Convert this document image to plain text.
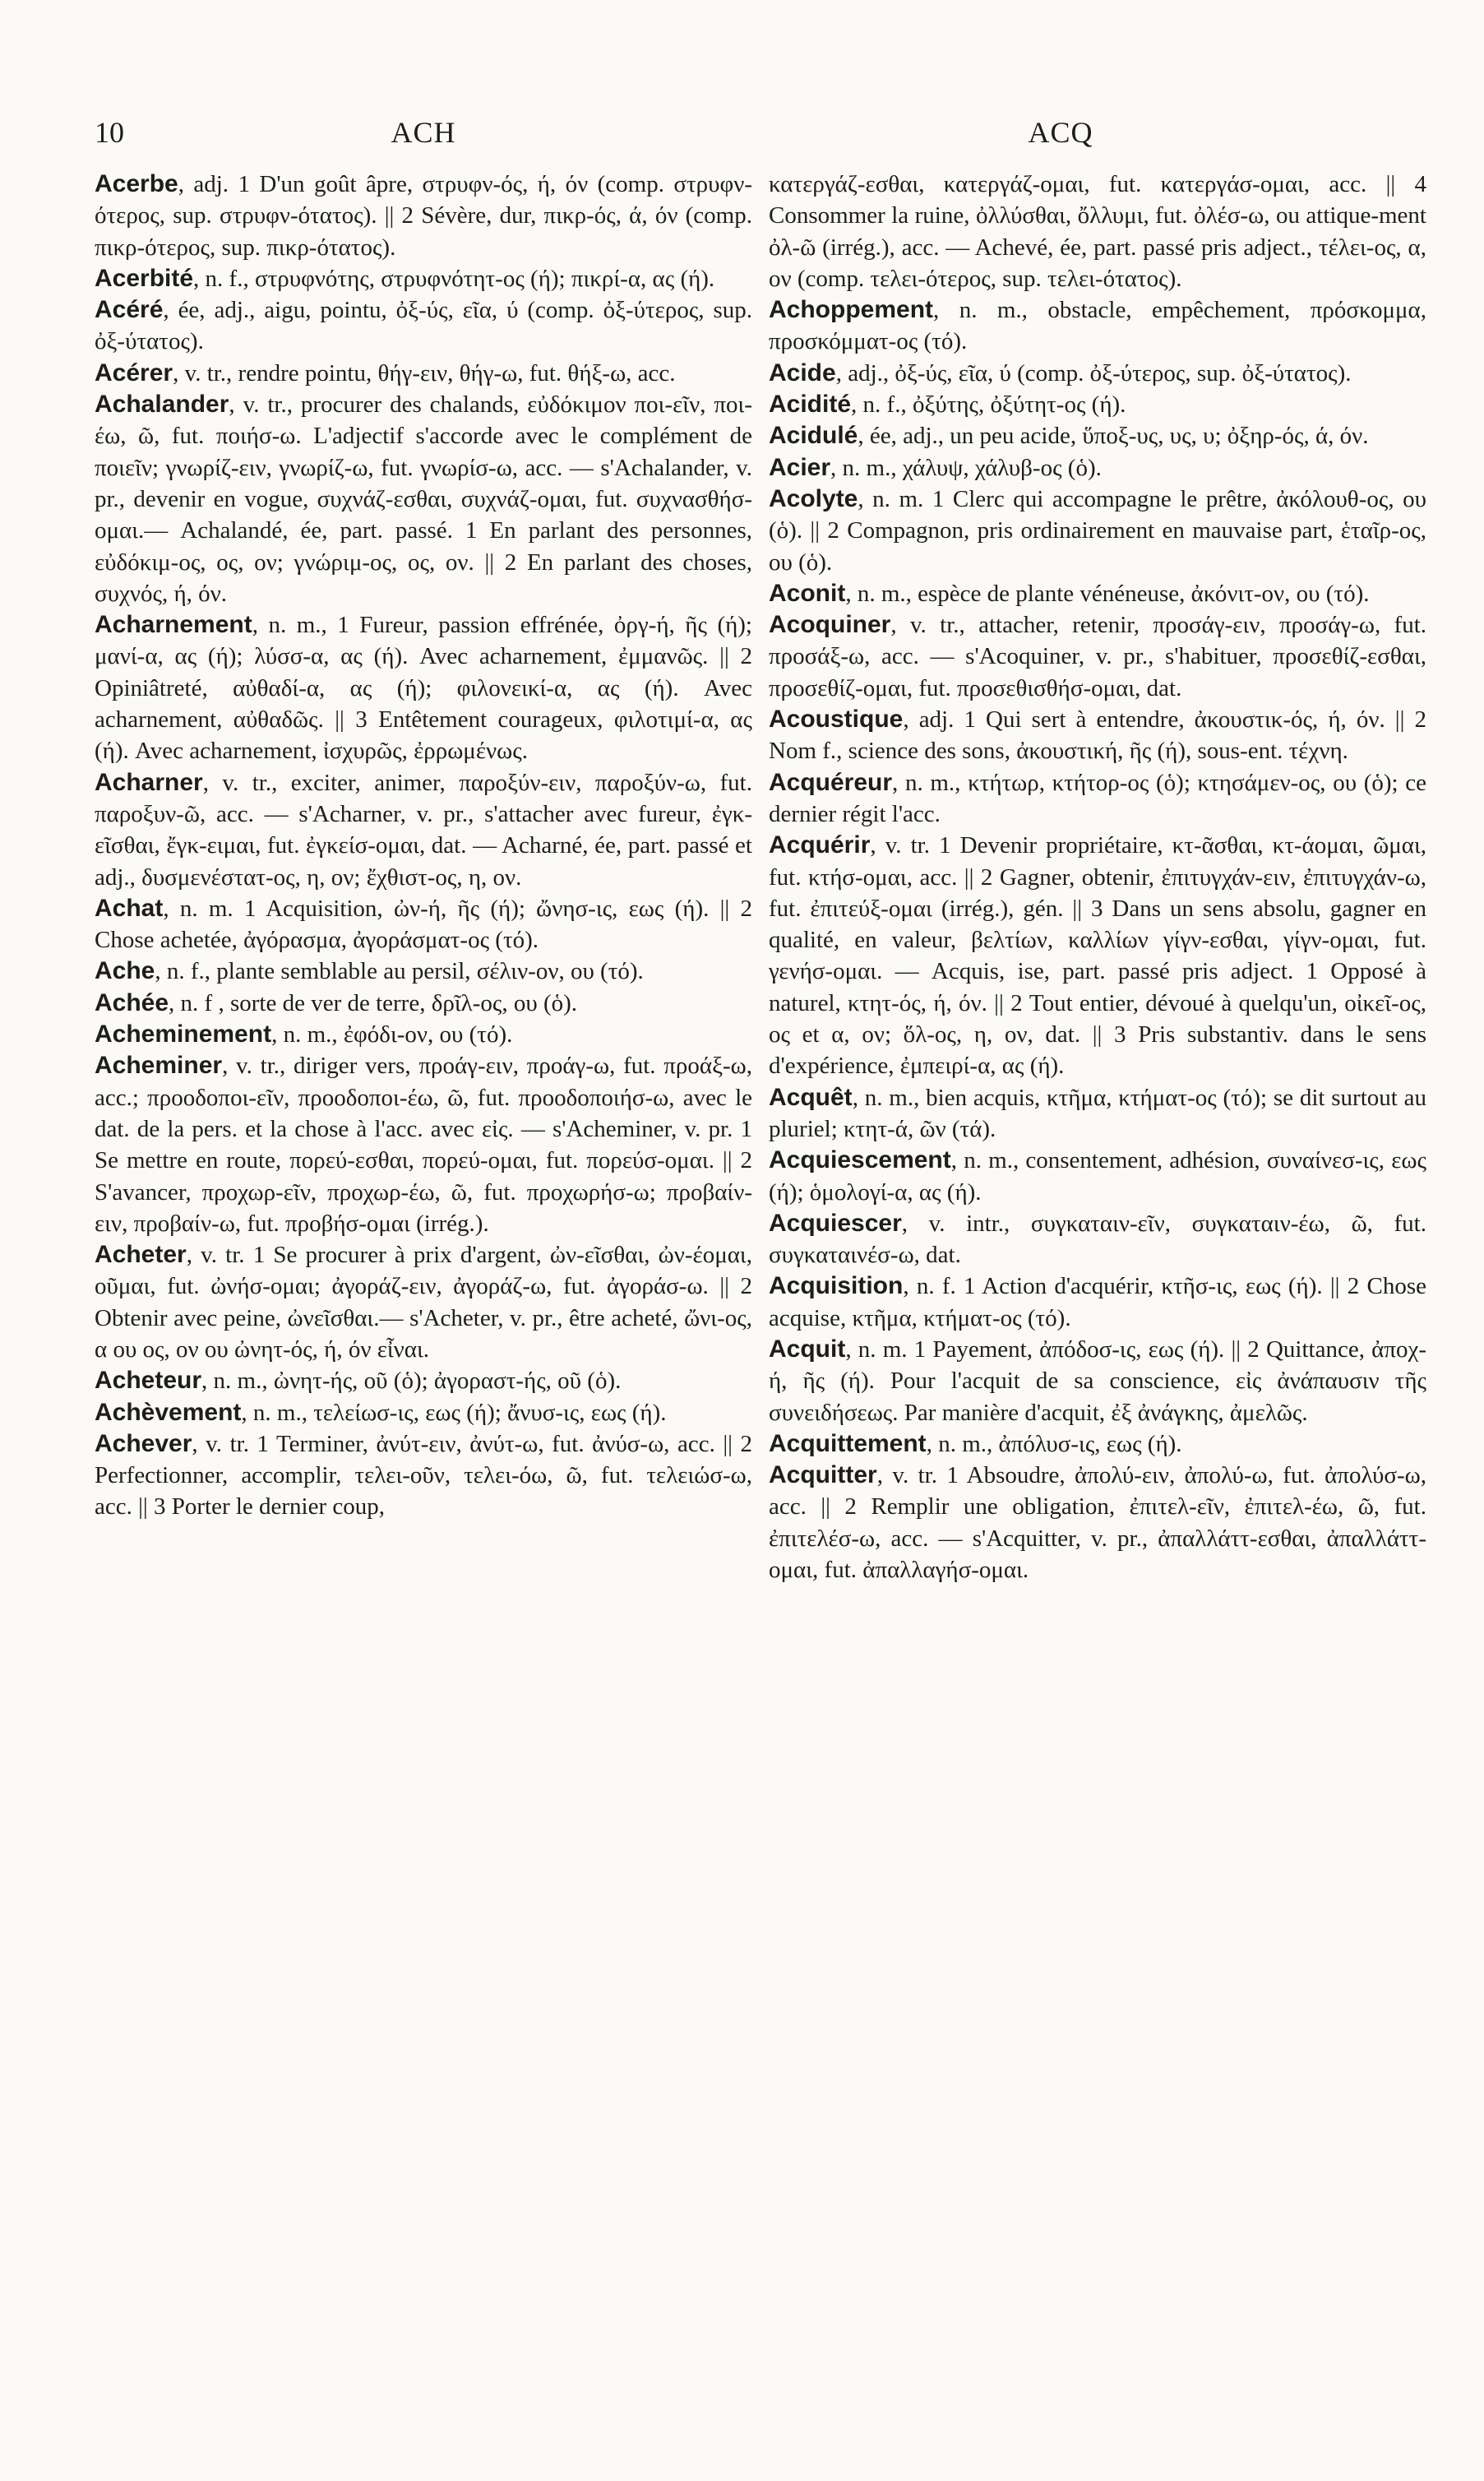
10	ACH	ACQ

Acerbe, adj. 1 D'un goût âpre, στρυφν-ός, ή, όν (comp. στρυφν-ότερος, sup. στρυφν-ότατος). || 2 Sévère, dur, πικρ-ός, ά, όν (comp. πικρ-ότερος, sup. πικρ-ότατος).

Acerbité, n. f., στρυφνότης, στρυφνότητ-ος (ή); πικρί-α, ας (ή).

Acéré, ée, adj., aigu, pointu, ὀξ-ύς, εῖα, ύ (comp. ὀξ-ύτερος, sup. ὀξ-ύτατος).

Acérer, v. tr., rendre pointu, θήγ-ειν, θήγ-ω, fut. θήξ-ω, acc.

Achalander, v. tr., procurer des chalands, εὐδόκιμον ποι-εῖν, ποι-έω, ῶ, fut. ποιήσ-ω. L'adjectif s'accorde avec le complément de ποιεῖν; γνωρίζ-ειν, γνωρίζ-ω, fut. γνωρίσ-ω, acc. — s'Achalander, v. pr., devenir en vogue, συχνάζ-εσθαι, συχνάζ-ομαι, fut. συχνασθήσ-ομαι.— Achalandé, ée, part. passé. 1 En parlant des personnes, εὐδόκιμ-ος, ος, ον; γνώριμ-ος, ος, ον. || 2 En parlant des choses, συχνός, ή, όν.

Acharnement, n. m., 1 Fureur, passion effrénée, ὀργ-ή, ῆς (ή); μανί-α, ας (ή); λύσσ-α, ας (ή). Avec acharnement, ἐμμανῶς. || 2 Opiniâtreté, αὐθαδί-α, ας (ή); φιλονεικί-α, ας (ή). Avec acharnement, αὐθαδῶς. || 3 Entêtement courageux, φιλοτιμί-α, ας (ή). Avec acharnement, ἰσχυρῶς, ἐρρωμένως.

Acharner, v. tr., exciter, animer, παροξύν-ειν, παροξύν-ω, fut. παροξυν-ῶ, acc. — s'Acharner, v. pr., s'attacher avec fureur, ἐγκ-εῖσθαι, ἔγκ-ειμαι, fut. ἐγκείσ-ομαι, dat. — Acharné, ée, part. passé et adj., δυσμενέστατ-ος, η, ον; ἔχθιστ-ος, η, ον.

Achat, n. m. 1 Acquisition, ὠν-ή, ῆς (ή); ὤνησ-ις, εως (ή). || 2 Chose achetée, ἀγόρασμα, ἀγοράσματ-ος (τό).

Ache, n. f., plante semblable au persil, σέλιν-ον, ου (τό).

Achée, n. f , sorte de ver de terre, δρῖλ-ος, ου (ὁ).

Acheminement, n. m., ἐφόδι-ον, ου (τό).

Acheminer, v. tr., diriger vers, προάγ-ειν, προάγ-ω, fut. προάξ-ω, acc.; προοδοποι-εῖν, προοδοποι-έω, ῶ, fut. προοδοποιήσ-ω, avec le dat. de la pers. et la chose à l'acc. avec εἰς. — s'Acheminer, v. pr. 1 Se mettre en route, πορεύ-εσθαι, πορεύ-ομαι, fut. πορεύσ-ομαι. || 2 S'avancer, προχωρ-εῖν, προχωρ-έω, ῶ, fut. προχωρήσ-ω; προβαίν-ειν, προβαίν-ω, fut. προβήσ-ομαι (irrég.).

Acheter, v. tr. 1 Se procurer à prix d'argent, ὠν-εῖσθαι, ὠν-έομαι, οῦμαι, fut. ὠνήσ-ομαι; ἀγοράζ-ειν, ἀγοράζ-ω, fut. ἀγοράσ-ω. || 2 Obtenir avec peine, ὠνεῖσθαι.— s'Acheter, v. pr., être acheté, ὤνι-ος, α ου ος, ον ου ὠνητ-ός, ή, όν εἶναι.

Acheteur, n. m., ὠνητ-ής, οῦ (ὁ); ἀγοραστ-ής, οῦ (ὁ).

Achèvement, n. m., τελείωσ-ις, εως (ή); ἄνυσ-ις, εως (ή).

Achever, v. tr. 1 Terminer, ἀνύτ-ειν, ἀνύτ-ω, fut. ἀνύσ-ω, acc. || 2 Perfectionner, accomplir, τελει-οῦν, τελει-όω, ῶ, fut. τελειώσ-ω, acc. || 3 Porter le dernier coup,

κατεργάζ-εσθαι, κατεργάζ-ομαι, fut. κατεργάσ-ομαι, acc. || 4 Consommer la ruine, ὀλλύσθαι, ὄλλυμι, fut. ὀλέσ-ω, ou attique-ment ὀλ-ῶ (irrég.), acc. — Achevé, ée, part. passé pris adject., τέλει-ος, α, ον (comp. τελει-ότερος, sup. τελει-ότατος).

Achoppement, n. m., obstacle, empêchement, πρόσκομμα, προσκόμματ-ος (τό).

Acide, adj., ὀξ-ύς, εῖα, ύ (comp. ὀξ-ύτερος, sup. ὀξ-ύτατος).

Acidité, n. f., ὀξύτης, ὀξύτητ-ος (ή).

Acidulé, ée, adj., un peu acide, ὕποξ-υς, υς, υ; ὀξηρ-ός, ά, όν.

Acier, n. m., χάλυψ, χάλυβ-ος (ὁ).

Acolyte, n. m. 1 Clerc qui accompagne le prêtre, ἀκόλουθ-ος, ου (ὁ). || 2 Compagnon, pris ordinairement en mauvaise part, ἑταῖρ-ος, ου (ὁ).

Aconit, n. m., espèce de plante vénéneuse, ἀκόνιτ-ον, ου (τό).

Acoquiner, v. tr., attacher, retenir, προσάγ-ειν, προσάγ-ω, fut. προσάξ-ω, acc. — s'Acoquiner, v. pr., s'habituer, προσεθίζ-εσθαι, προσεθίζ-ομαι, fut. προσεθισθήσ-ομαι, dat.

Acoustique, adj. 1 Qui sert à entendre, ἀκουστικ-ός, ή, όν. || 2 Nom f., science des sons, ἀκουστική, ῆς (ή), sous-ent. τέχνη.

Acquéreur, n. m., κτήτωρ, κτήτορ-ος (ὁ); κτησάμεν-ος, ου (ὁ); ce dernier régit l'acc.

Acquérir, v. tr. 1 Devenir propriétaire, κτ-ᾶσθαι, κτ-άομαι, ῶμαι, fut. κτήσ-ομαι, acc. || 2 Gagner, obtenir, ἐπιτυγχάν-ειν, ἐπιτυγχάν-ω, fut. ἐπιτεύξ-ομαι (irrég.), gén. || 3 Dans un sens absolu, gagner en qualité, en valeur, βελτίων, καλλίων γίγν-εσθαι, γίγν-ομαι, fut. γενήσ-ομαι. — Acquis, ise, part. passé pris adject. 1 Opposé à naturel, κτητ-ός, ή, όν. || 2 Tout entier, dévoué à quelqu'un, οἰκεῖ-ος, ος et α, ον; ὅλ-ος, η, ον, dat. || 3 Pris substantiv. dans le sens d'expérience, ἐμπειρί-α, ας (ή).

Acquêt, n. m., bien acquis, κτῆμα, κτήματ-ος (τό); se dit surtout au pluriel; κτητ-ά, ῶν (τά).

Acquiescement, n. m., consentement, adhésion, συναίνεσ-ις, εως (ή); ὁμολογί-α, ας (ή).

Acquiescer, v. intr., συγκαταιν-εῖν, συγκαταιν-έω, ῶ, fut. συγκαταινέσ-ω, dat.

Acquisition, n. f. 1 Action d'acquérir, κτῆσ-ις, εως (ή). || 2 Chose acquise, κτῆμα, κτήματ-ος (τό).

Acquit, n. m. 1 Payement, ἀπόδοσ-ις, εως (ή). || 2 Quittance, ἀποχ-ή, ῆς (ή). Pour l'acquit de sa conscience, εἰς ἀνάπαυσιν τῆς συνειδήσεως. Par manière d'acquit, ἐξ ἀνάγκης, ἀμελῶς.

Acquittement, n. m., ἀπόλυσ-ις, εως (ή).

Acquitter, v. tr. 1 Absoudre, ἀπολύ-ειν, ἀπολύ-ω, fut. ἀπολύσ-ω, acc. || 2 Remplir une obligation, ἐπιτελ-εῖν, ἐπιτελ-έω, ῶ, fut. ἐπιτελέσ-ω, acc. — s'Acquitter, v. pr., ἀπαλλάττ-εσθαι, ἀπαλλάττ-ομαι, fut. ἀπαλλαγήσ-ομαι.
